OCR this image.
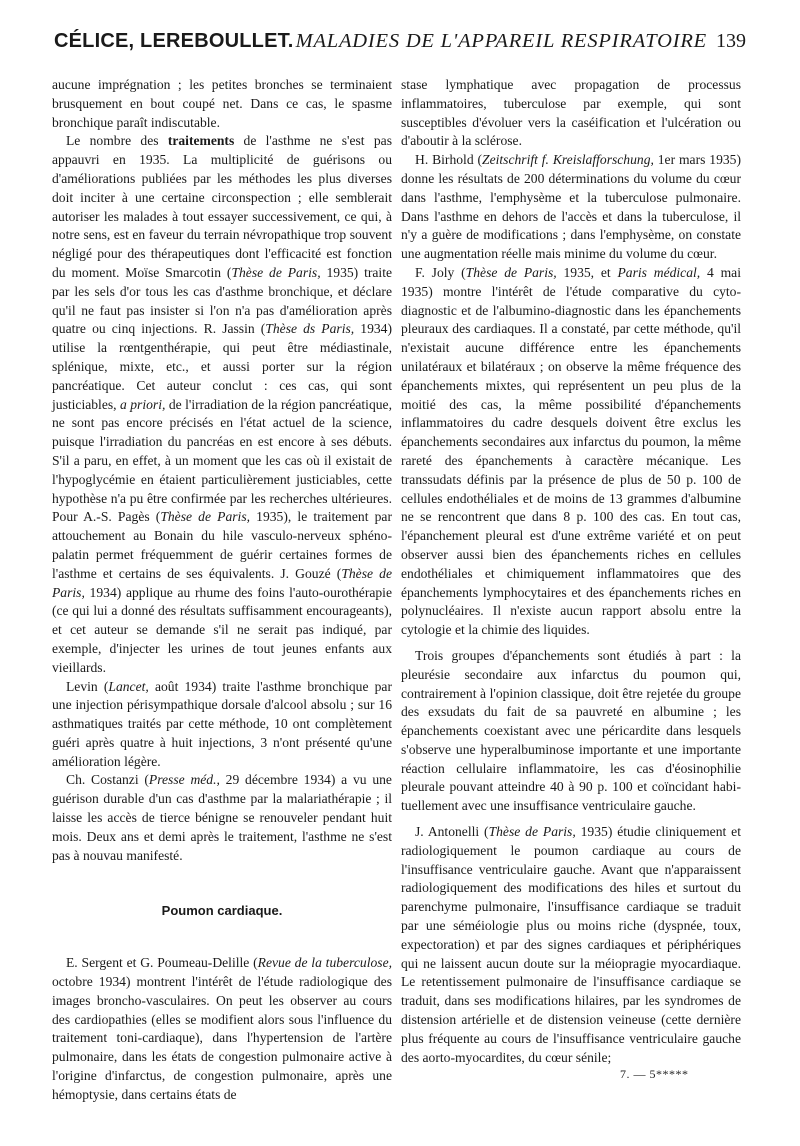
CÉLICE, LEREBOULLET. MALADIES DE L'APPAREIL RESPIRATOIRE 139

aucune imprégnation ; les petites bronches se terminaient brusquement en bout coupé net. Dans ce cas, le spasme bronchique paraît indiscutable.

Le nombre des traitements de l'asthme ne s'est pas appauvri en 1935. La multiplicité de guérisons ou d'améliorations publiées par les méthodes les plus diverses doit inciter à une certaine circonspection ; elle semblerait autoriser les malades à tout essayer successivement, ce qui, à notre sens, est en faveur du terrain névropathique trop souvent négligé pour des thérapeutiques dont l'efficacité est fonction du moment. Moïse Smarcotin (Thèse de Paris, 1935) traite par les sels d'or tous les cas d'asthme bronchique, et déclare qu'il ne faut pas insister si l'on n'a pas d'amélioration après quatre ou cinq injections. R. Jassin (Thèse ds Paris, 1934) utilise la rœntgenthérapie, qui peut être médiastinale, splénique, mixte, etc., et aussi porter sur la région pancréatique. Cet auteur conclut : ces cas, qui sont justiciables, a priori, de l'irradiation de la région pancréatique, ne sont pas encore précisés en l'état actuel de la science, puisque l'irradiation du pancréas en est encore à ses débuts. S'il a paru, en effet, à un moment que les cas où il existait de l'hypoglycémie en étaient particulièrement justiciables, cette hypothèse n'a pu être confirmée par les recherches ultérieures. Pour A.-S. Pagès (Thèse de Paris, 1935), le traitement par attouchement au Bonain du hile vasculo-nerveux sphéno-palatin permet fréquemment de guérir certaines formes de l'asthme et certains de ses équivalents. J. Gouzé (Thèse de Paris, 1934) applique au rhume des foins l'auto-ourothérapie (ce qui lui a donné des résultats suffisamment encourageants), et cet auteur se demande s'il ne serait pas indiqué, par exemple, d'injecter les urines de tout jeunes enfants aux vieillards.

Levin (Lancet, août 1934) traite l'asthme bronchique par une injection périsympathique dorsale d'alcool absolu ; sur 16 asthmatiques traités par cette méthode, 10 ont complètement guéri après quatre à huit injections, 3 n'ont présenté qu'une amélioration légère.

Ch. Costanzi (Presse méd., 29 décembre 1934) a vu une guérison durable d'un cas d'asthme par la malariathérapie ; il laisse les accès de tierce bénigne se renouveler pendant huit mois. Deux ans et demi après le traitement, l'asthme ne s'est pas à nouvau manifesté.

Poumon cardiaque.

E. Sergent et G. Poumeau-Delille (Revue de la tuberculose, octobre 1934) montrent l'intérêt de l'étude radiologique des images broncho-vasculaires. On peut les observer au cours des cardiopathies (elles se modifient alors sous l'influence du traitement toni-cardiaque), dans l'hypertension de l'artère pulmonaire, dans les états de congestion pulmonaire active à l'origine d'infarctus, de congestion pulmonaire, après une hémoptysie, dans certains états de

stase lymphatique avec propagation de processus inflammatoires, tuberculose par exemple, qui sont susceptibles d'évoluer vers la caséification et l'ulcération ou d'aboutir à la sclérose.

H. Birhold (Zeitschrift f. Kreislafforschung, 1er mars 1935) donne les résultats de 200 déterminations du volume du cœur dans l'asthme, l'emphysème et la tuberculose pulmonaire. Dans l'asthme en dehors de l'accès et dans la tuberculose, il n'y a guère de modifications ; dans l'emphysème, on constate une augmentation réelle mais minime du volume du cœur.

F. Joly (Thèse de Paris, 1935, et Paris médical, 4 mai 1935) montre l'intérêt de l'étude comparative du cyto-diagnostic et de l'albumino-diagnostic dans les épanchements pleuraux des cardiaques. Il a constaté, par cette méthode, qu'il n'existait aucune différence entre les épanchements unilatéraux et bilatéraux ; on observe la même fréquence des épanchements mixtes, qui représentent un peu plus de la moitié des cas, la même possibilité d'épanchements inflammatoires du cadre desquels doivent être exclus les épanchements secondaires aux infarctus du poumon, la même rareté des épanchements à caractère mécanique. Les transsudats définis par la présence de plus de 50 p. 100 de cellules endothéliales et de moins de 13 grammes d'albumine ne se rencontrent que dans 8 p. 100 des cas. En tout cas, l'épanchement pleural est d'une extrême variété et on peut observer aussi bien des épanchements riches en cellules endothéliales et chimiquement inflammatoires que des épanchements lymphocytaires et des épanchements riches en polynucléaires. Il n'existe aucun rapport absolu entre la cytologie et la chimie des liquides.

Trois groupes d'épanchements sont étudiés à part : la pleurésie secondaire aux infarctus du poumon qui, contrairement à l'opinion classique, doit être rejetée du groupe des exsudats du fait de sa pauvreté en albumine ; les épanchements coexistant avec une péricardite dans lesquels s'observe une hyperalbuminose importante et une importante réaction cellulaire inflammatoire, les cas d'éosinophilie pleurale pouvant atteindre 40 à 90 p. 100 et coïncidant habituellement avec une insuffisance ventriculaire gauche.

J. Antonelli (Thèse de Paris, 1935) étudie cliniquement et radiologiquement le poumon cardiaque au cours de l'insuffisance ventriculaire gauche. Avant que n'apparaissent radiologiquement des modifications des hiles et surtout du parenchyme pulmonaire, l'insuffisance cardiaque se traduit par une séméiologie plus ou moins riche (dyspnée, toux, expectoration) et par des signes cardiaques et périphériques qui ne laissent aucun doute sur la méiopragie myocardiaque. Le retentissement pulmonaire de l'insuffisance cardiaque se traduit, dans ses modifications hilaires, par les syndromes de distension artérielle et de distension veineuse (cette dernière plus fréquente au cours de l'insuffisance ventriculaire gauche des aorto-myocardites, du cœur sénile;

7. — 5*****
